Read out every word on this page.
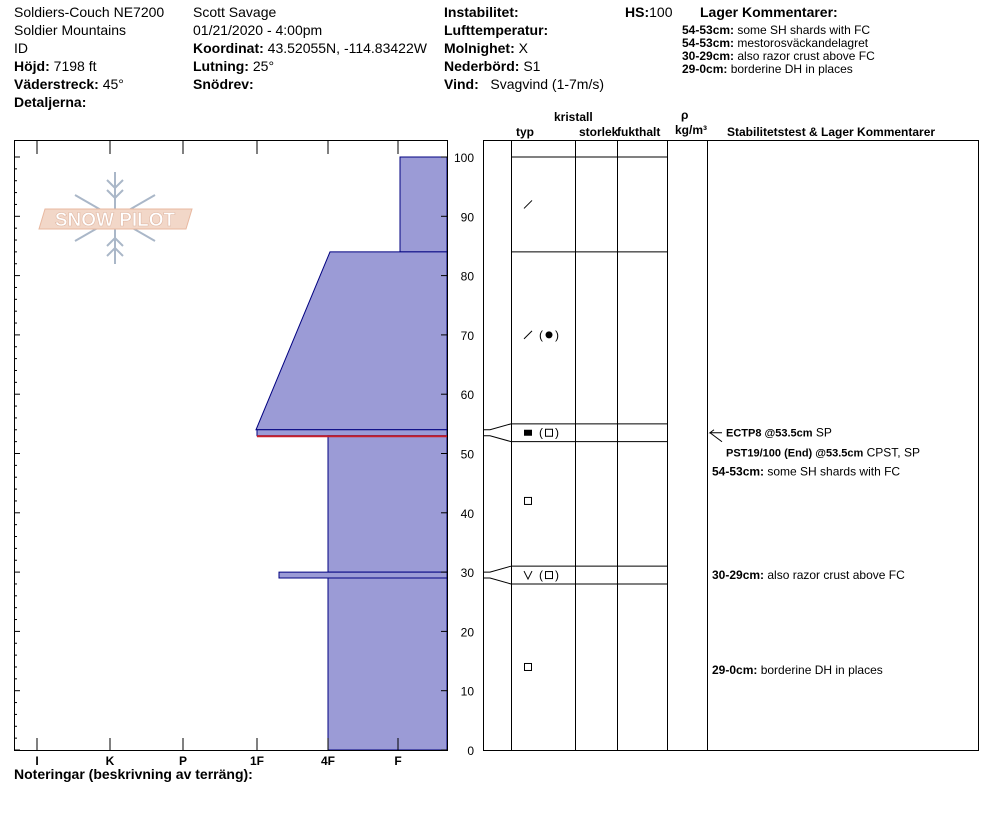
Soldiers-Couch NE7200
Soldier Mountains
ID
Höjd: 7198 ft
Väderstreck: 45°
Detaljerna:
Scott Savage
01/21/2020 - 4:00pm
Koordinat: 43.52055N, -114.83422W
Lutning: 25°
Snödrev:
Instabilitet:
Lufttemperatur:
Molnighet: X
Nederbörd: S1
Vind: Svagvind (1-7m/s)
HS:100 Lager Kommentarer:
54-53cm: some SH shards with FC
54-53cm: mestorosväckandelagret
30-29cm: also razor crust above FC
29-0cm: borderine DH in places
kristall
typ	storlek
fukthalt
ρ
kg/m³ Stabilitetstest & Lager Kommentarer
Noteringar (beskrivning av terräng):
SNOW PILOT
I	K	P	1F	4F	F
0
10
20
30
40
50
60
70
80
90
100
( )
( )
( )
ECTP8 @53.5cm SP
PST19/100 (End) @53.5cm CPST, SP
54-53cm: some SH shards with FC
30-29cm: also razor crust above FC
29-0cm: borderine DH in places
